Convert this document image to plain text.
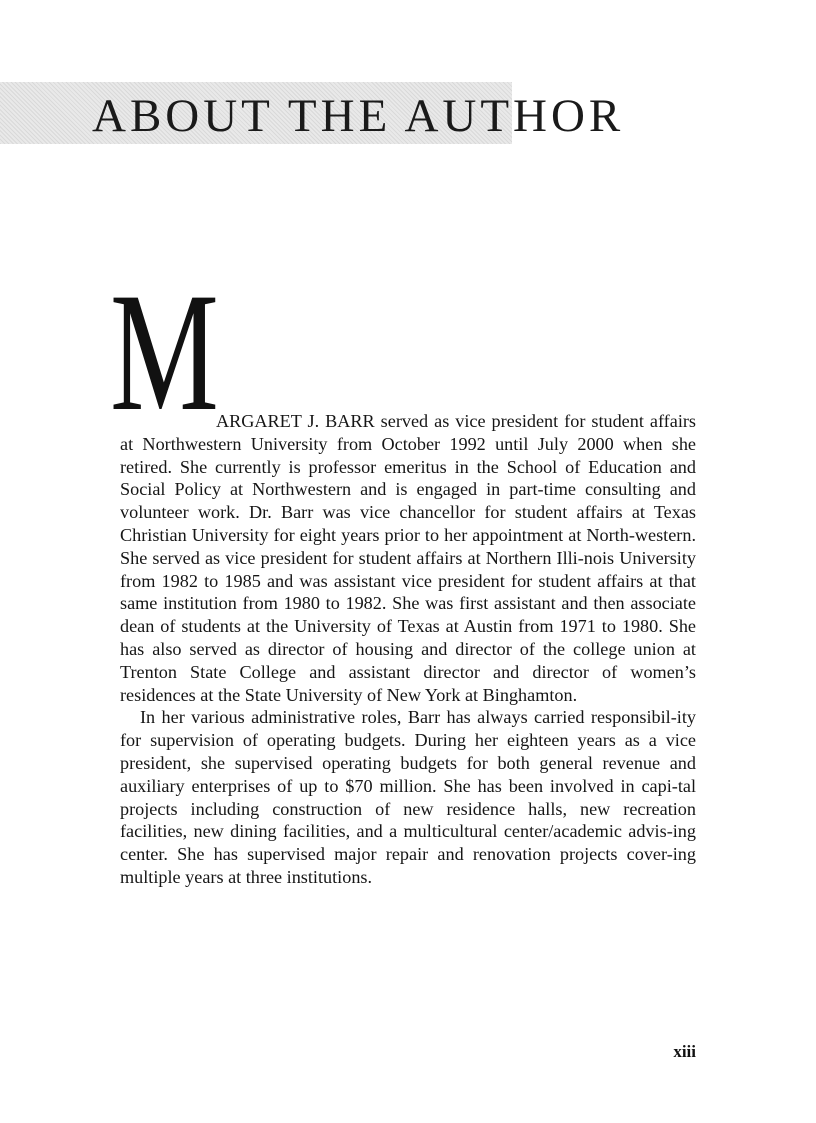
ABOUT THE AUTHOR
M

ARGARET J. BARR served as vice president for student affairs at Northwestern University from October 1992 until July 2000 when she retired. She currently is professor emeritus in the School of Education and Social Policy at Northwestern and is engaged in part-time consulting and volunteer work. Dr. Barr was vice chancellor for student affairs at Texas Christian University for eight years prior to her appointment at North-western. She served as vice president for student affairs at Northern Illi-nois University from 1982 to 1985 and was assistant vice president for student affairs at that same institution from 1980 to 1982. She was first assistant and then associate dean of students at the University of Texas at Austin from 1971 to 1980. She has also served as director of housing and director of the college union at Trenton State College and assistant director and director of women’s residences at the State University of New York at Binghamton.

In her various administrative roles, Barr has always carried responsibil-ity for supervision of operating budgets. During her eighteen years as a vice president, she supervised operating budgets for both general revenue and auxiliary enterprises of up to $70 million. She has been involved in capi-tal projects including construction of new residence halls, new recreation facilities, new dining facilities, and a multicultural center/academic advis-ing center. She has supervised major repair and renovation projects cover-ing multiple years at three institutions.

xiii
